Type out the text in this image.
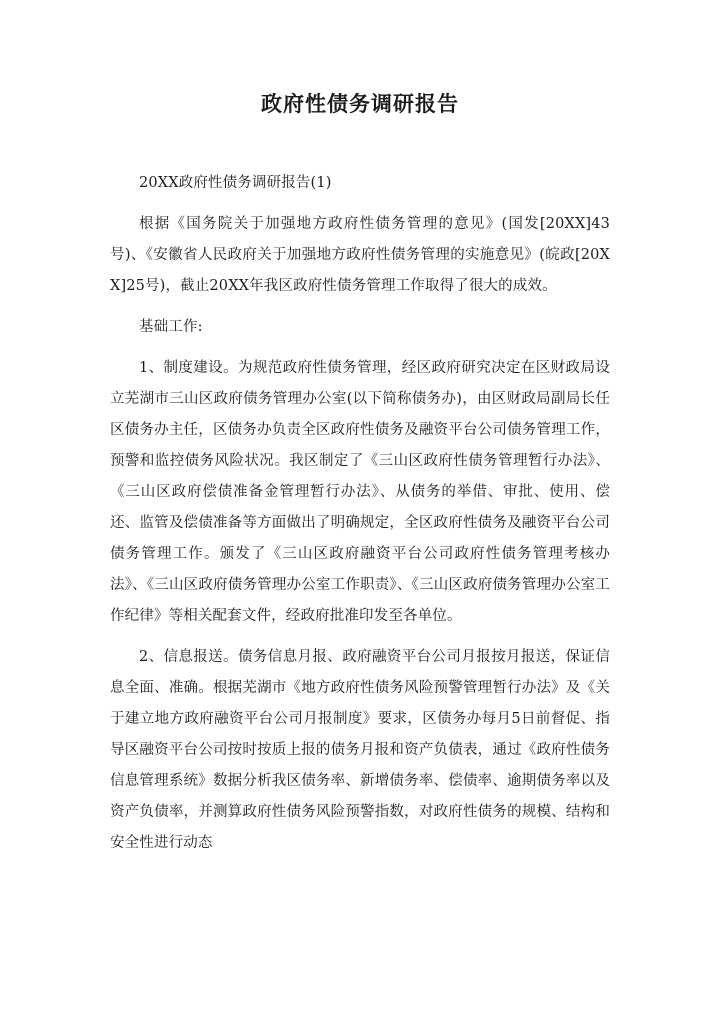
政府性债务调研报告

20XX政府性债务调研报告(1)

根据《国务院关于加强地方政府性债务管理的意见》(国发[20XX]43号)、《安徽省人民政府关于加强地方政府性债务管理的实施意见》(皖政[20XX]25号)，截止20XX年我区政府性债务管理工作取得了很大的成效。

基础工作:

1、制度建设。为规范政府性债务管理，经区政府研究决定在区财政局设立芜湖市三山区政府债务管理办公室(以下简称债务办)，由区财政局副局长任区债务办主任，区债务办负责全区政府性债务及融资平台公司债务管理工作，预警和监控债务风险状况。我区制定了《三山区政府性债务管理暂行办法》、《三山区政府偿债准备金管理暂行办法》、从债务的举借、审批、使用、偿还、监管及偿债准备等方面做出了明确规定，全区政府性债务及融资平台公司债务管理工作。颁发了《三山区政府融资平台公司政府性债务管理考核办法》、《三山区政府债务管理办公室工作职责》、《三山区政府债务管理办公室工作纪律》等相关配套文件，经政府批准印发至各单位。

2、信息报送。债务信息月报、政府融资平台公司月报按月报送，保证信息全面、准确。根据芜湖市《地方政府性债务风险预警管理暂行办法》及《关于建立地方政府融资平台公司月报制度》要求，区债务办每月5日前督促、指导区融资平台公司按时按质上报的债务月报和资产负债表，通过《政府性债务信息管理系统》数据分析我区债务率、新增债务率、偿债率、逾期债务率以及资产负债率，并测算政府性债务风险预警指数，对政府性债务的规模、结构和安全性进行动态
